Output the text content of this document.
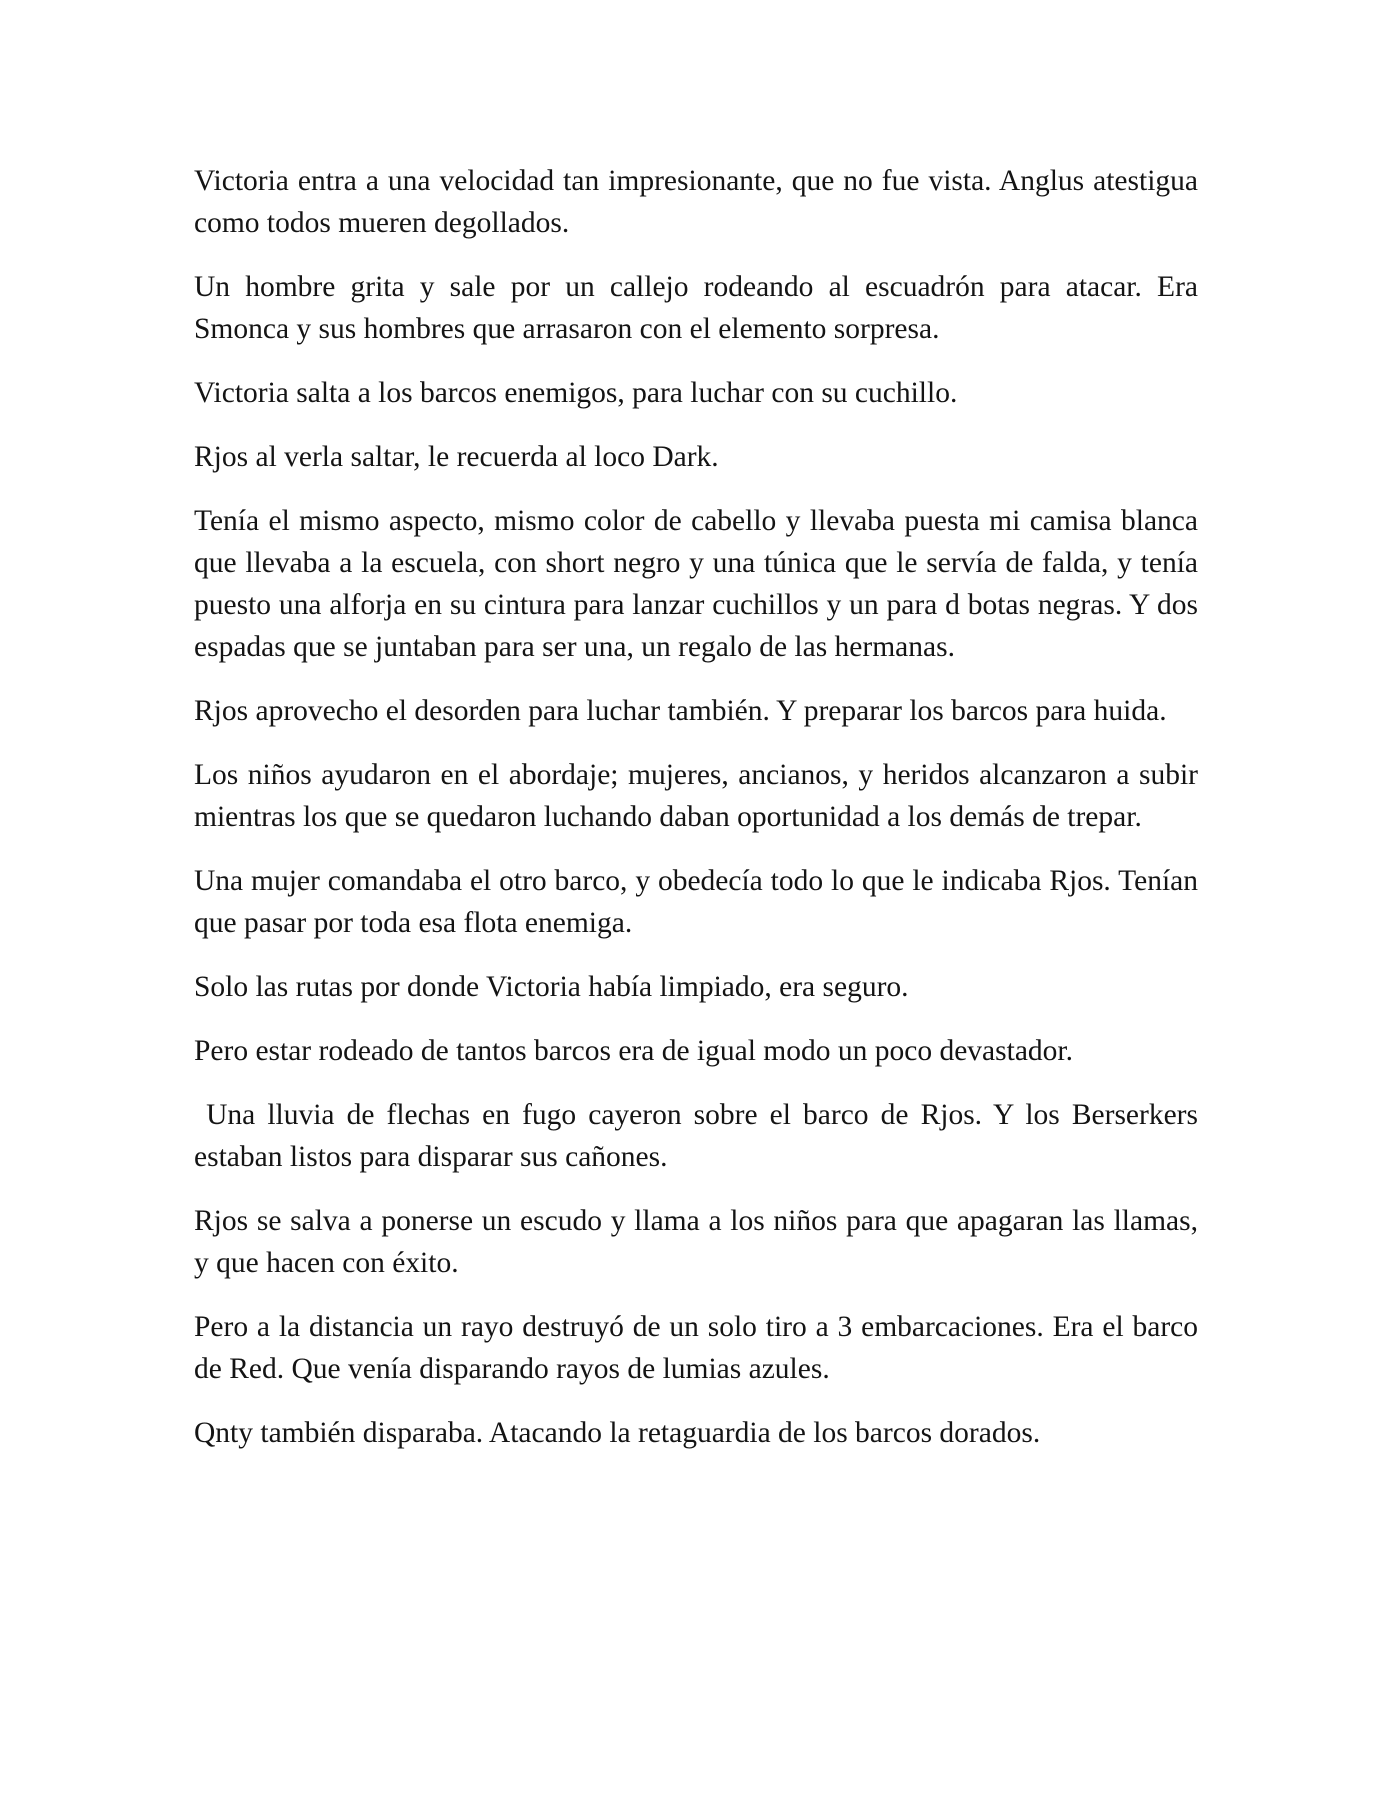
Victoria entra a una velocidad tan impresionante, que no fue vista. Anglus atestigua como todos mueren degollados.

Un hombre grita y sale por un callejo rodeando al escuadrón para atacar. Era Smonca y sus hombres que arrasaron con el elemento sorpresa.

Victoria salta a los barcos enemigos, para luchar con su cuchillo.

Rjos al verla saltar, le recuerda al loco Dark.

Tenía el mismo aspecto, mismo color de cabello y llevaba puesta mi camisa blanca que llevaba a la escuela, con short negro y una túnica que le servía de falda, y tenía puesto una alforja en su cintura para lanzar cuchillos y un para d botas negras. Y dos espadas que se juntaban para ser una, un regalo de las hermanas.

Rjos aprovecho el desorden para luchar también. Y preparar los barcos para huida.

Los niños ayudaron en el abordaje; mujeres, ancianos, y heridos alcanzaron a subir mientras los que se quedaron luchando daban oportunidad a los demás de trepar.

Una mujer comandaba el otro barco, y obedecía todo lo que le indicaba Rjos. Tenían que pasar por toda esa flota enemiga.

Solo las rutas por donde Victoria había limpiado, era seguro.

Pero estar rodeado de tantos barcos era de igual modo un poco devastador.

Una lluvia de flechas en fugo cayeron sobre el barco de Rjos. Y los Berserkers estaban listos para disparar sus cañones.

Rjos se salva a ponerse un escudo y llama a los niños para que apagaran las llamas, y que hacen con éxito.

Pero a la distancia un rayo destruyó de un solo tiro a 3 embarcaciones. Era el barco de Red. Que venía disparando rayos de lumias azules.

Qnty también disparaba. Atacando la retaguardia de los barcos dorados.
